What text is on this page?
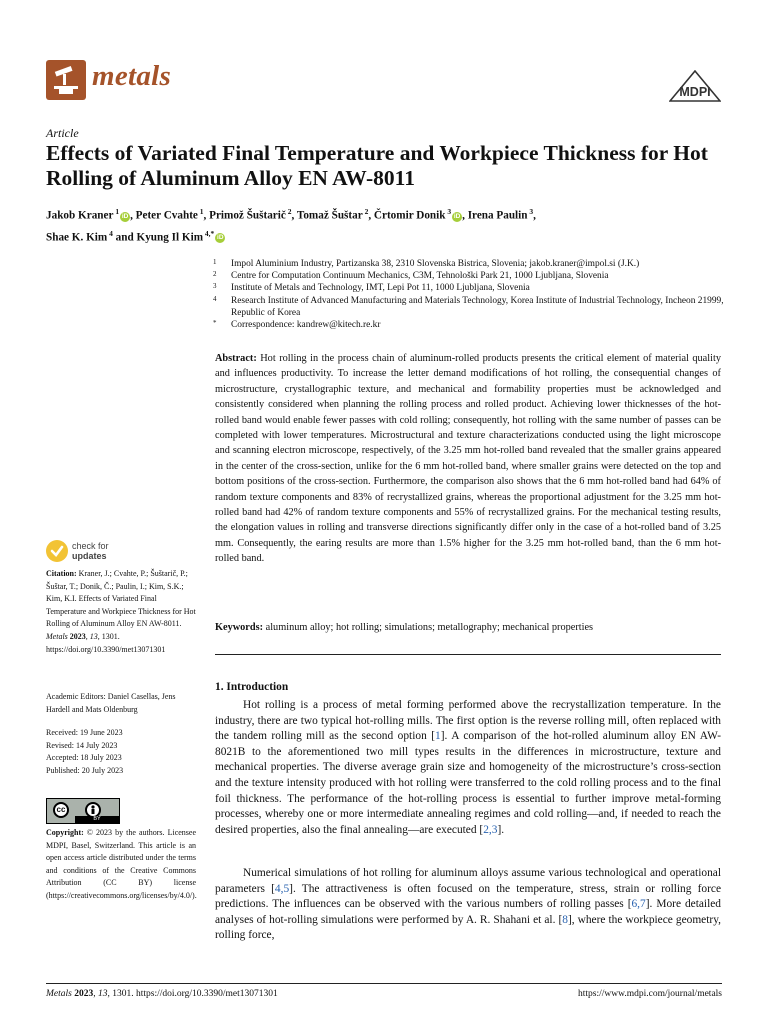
metals	MDPI
Article
Effects of Variated Final Temperature and Workpiece Thickness for Hot Rolling of Aluminum Alloy EN AW-8011
Jakob Kraner $^1$iD , Peter Cvahte $^1$, Primož Šuštarič $^2$, Tomaž Šuštar $^2$, Črtomir Donik $^3$iD , Irena Paulin $^3$,
Shae K. Kim $^4$ and Kyung Il Kim $^{4,*}$iD
1 Impol Aluminium Industry, Partizanska 38, 2310 Slovenska Bistrica, Slovenia; jakob.kraner@impol.si (J.K.)
2 Centre for Computation Continuum Mechanics, C3M, Tehnološki Park 21, 1000 Ljubljana, Slovenia
3 Institute of Metals and Technology, IMT, Lepi Pot 11, 1000 Ljubljana, Slovenia
4 Research Institute of Advanced Manufacturing and Materials Technology, Korea Institute of Industrial Technology, Incheon 21999, Republic of Korea
* Correspondence: kandrew@kitech.re.kr
Abstract: Hot rolling in the process chain of aluminum-rolled products presents the critical element of material quality and influences productivity. To increase the letter demand modifications of hot rolling, the consequential changes of microstructure, crystallographic texture, and mechanical and formability properties must be acknowledged and consistently considered when planning the rolling process and rolled product. Achieving lower thicknesses of the hot-rolled band would enable fewer passes with cold rolling; consequently, hot rolling with the same number of passes can be completed with lower temperatures. Microstructural and texture characterizations conducted using the light microscope and scanning electron microscope, respectively, of the 3.25 mm hot-rolled band revealed that the smaller grains appeared in the center of the cross-section, unlike for the 6 mm hot-rolled band, where smaller grains were detected on the top and bottom positions of the cross-section. Furthermore, the comparison also shows that the 6 mm hot-rolled band had 64% of random texture components and 83% of recrystallized grains, whereas the proportional adjustment for the 3.25 mm hot-rolled band had 42% of random texture components and 55% of recrystallized grains. For the mechanical testing results, the elongation values in rolling and transverse directions significantly differ only in the case of a hot-rolled band of 3.25 mm. Consequently, the earing results are more than 1.5% higher for the 3.25 mm hot-rolled band, than the 6 mm hot-rolled band.
Keywords: aluminum alloy; hot rolling; simulations; metallography; mechanical properties
check for
updates
Citation: Kraner, J.; Cvahte, P.; Šuštarič, P.; Šuštar, T.; Donik, Č.; Paulin, I.; Kim, S.K.; Kim, K.I. Effects of Variated Final Temperature and Workpiece Thickness for Hot Rolling of Aluminum Alloy EN AW-8011. Metals 2023, 13, 1301. https://doi.org/10.3390/met13071301
Academic Editors: Daniel Casellas, Jens Hardell and Mats Oldenburg
Received: 19 June 2023
Revised: 14 July 2023
Accepted: 18 July 2023
Published: 20 July 2023
cc
BY
Copyright: © 2023 by the authors. Licensee MDPI, Basel, Switzerland. This article is an open access article distributed under the terms and conditions of the Creative Commons Attribution (CC BY) license (https://creativecommons.org/licenses/by/4.0/).
1. Introduction
Hot rolling is a process of metal forming performed above the recrystallization temperature. In the industry, there are two typical hot-rolling mills. The first option is the reverse rolling mill, often replaced with the tandem rolling mill as the second option [1]. A comparison of the hot-rolled aluminum alloy EN AW-8021B to the aforementioned two mill types results in the differences in microstructure, texture and mechanical properties. The diverse average grain size and homogeneity of the microstructure’s cross-section and the texture intensity produced with hot rolling were transferred to the cold rolling process and to the final foil thickness. The performance of the hot-rolling process is essential to further improve metal-forming processes, whereby one or more intermediate annealing regimes and cold rolling—and, if needed to reach the desired properties, also the final annealing—are executed [2,3].
Numerical simulations of hot rolling for aluminum alloys assume various technological and operational parameters [4,5]. The attractiveness is often focused on the temperature, stress, strain or rolling force predictions. The influences can be observed with the various numbers of rolling passes [6,7]. More detailed analyses of hot-rolling simulations were performed by A. R. Shahani et al. [8], where the workpiece geometry, rolling force,
Metals 2023, 13, 1301. https://doi.org/10.3390/met13071301	https://www.mdpi.com/journal/metals
